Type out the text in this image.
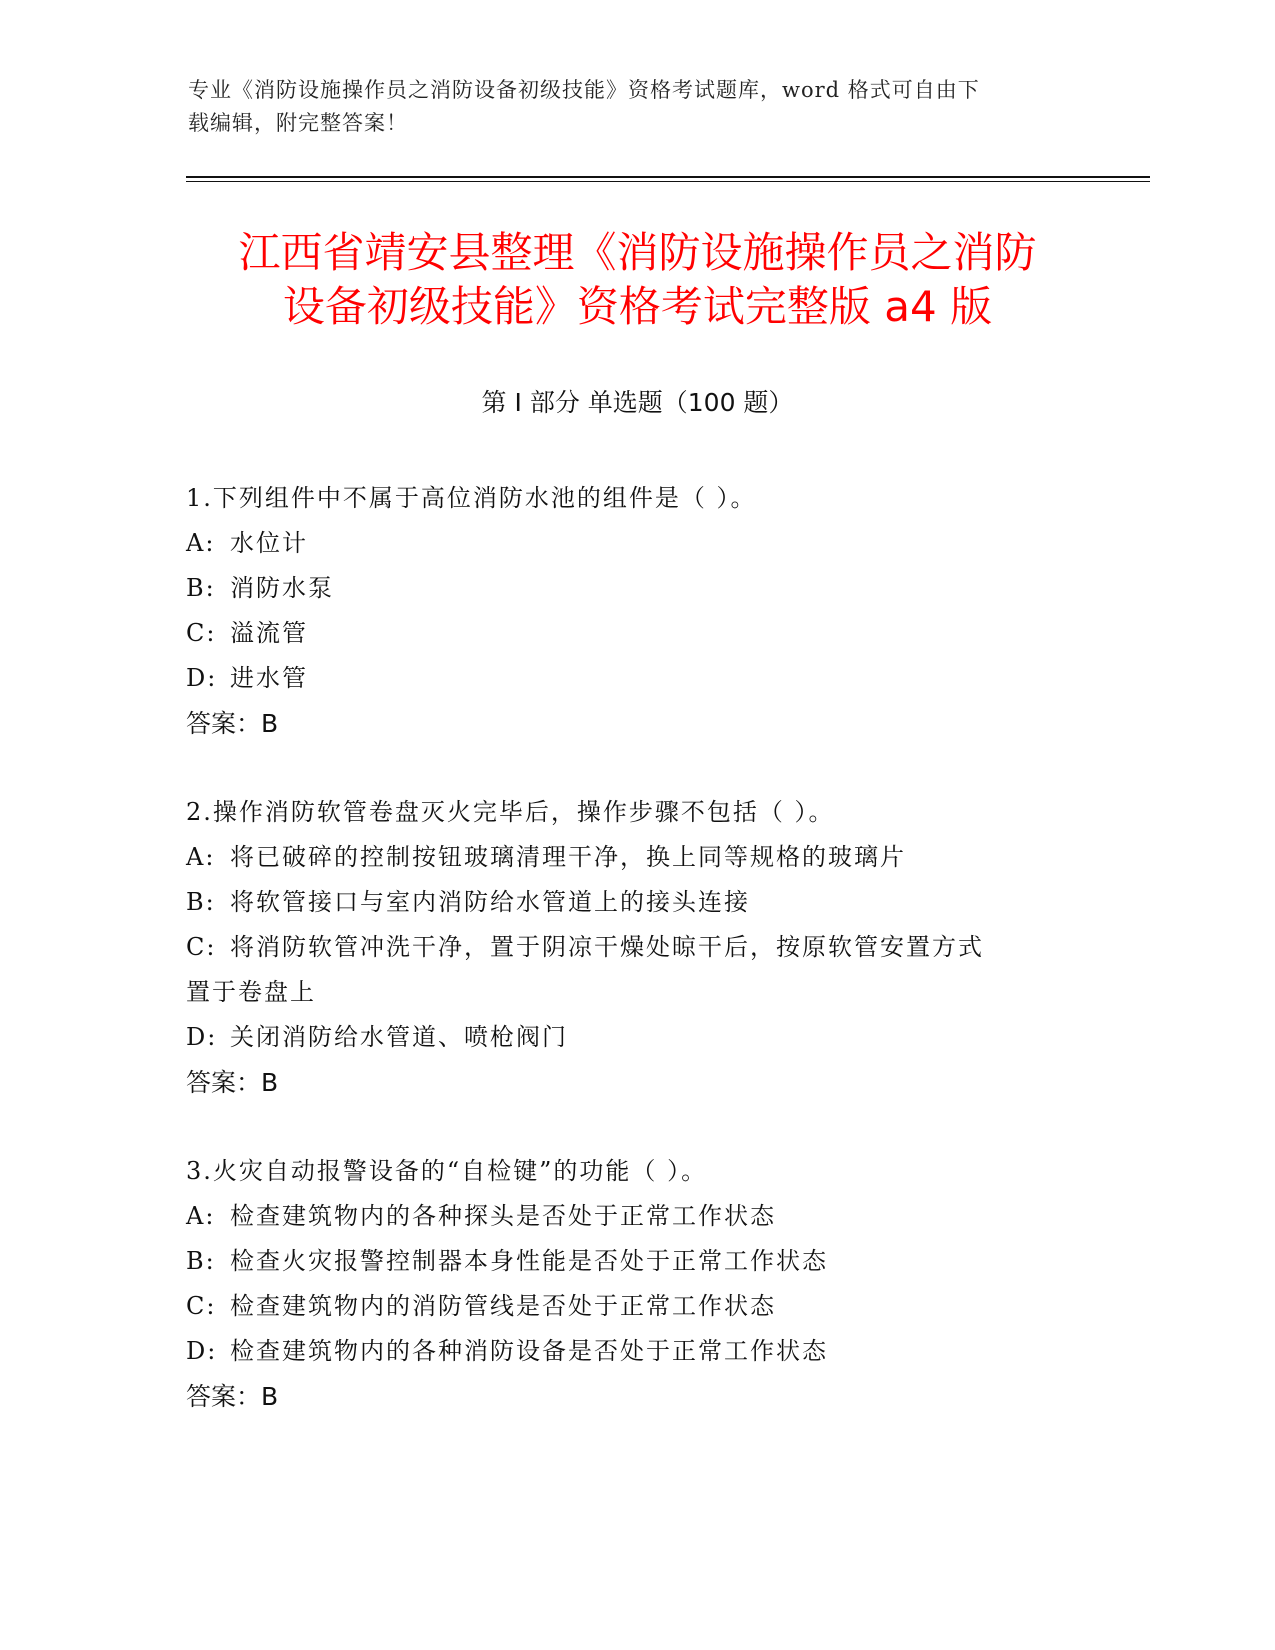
专业《消防设施操作员之消防设备初级技能》资格考试题库，word 格式可自由下
载编辑，附完整答案！
江西省靖安县整理《消防设施操作员之消防
设备初级技能》资格考试完整版 a4 版
第 I 部分 单选题（100 题）
1.下列组件中不属于高位消防水池的组件是（ ）。
A: 水位计
B: 消防水泵
C: 溢流管
D: 进水管
答案：B
2.操作消防软管卷盘灭火完毕后，操作步骤不包括（ ）。
A: 将已破碎的控制按钮玻璃清理干净，换上同等规格的玻璃片
B: 将软管接口与室内消防给水管道上的接头连接
C: 将消防软管冲洗干净，置于阴凉干燥处晾干后，按原软管安置方式
置于卷盘上
D: 关闭消防给水管道、喷枪阀门
答案：B
3.火灾自动报警设备的“自检键”的功能（ ）。
A: 检查建筑物内的各种探头是否处于正常工作状态
B: 检查火灾报警控制器本身性能是否处于正常工作状态
C: 检查建筑物内的消防管线是否处于正常工作状态
D: 检查建筑物内的各种消防设备是否处于正常工作状态
答案：B
